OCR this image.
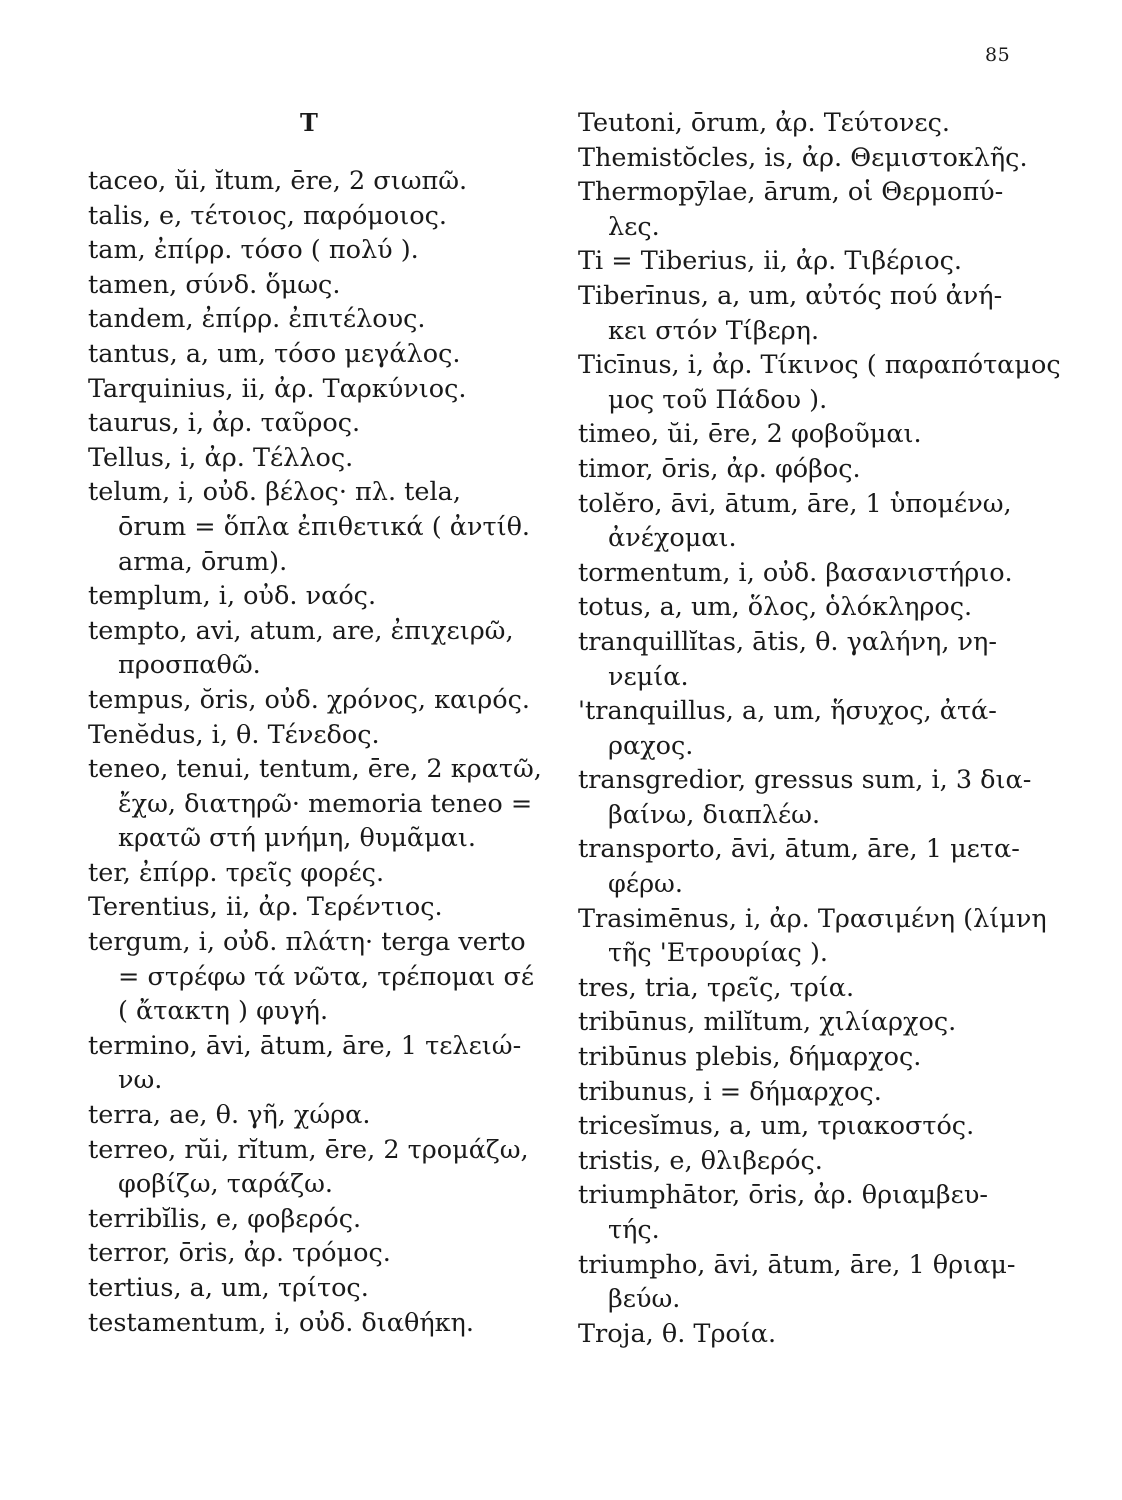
85
T
taceo, ŭi, ĭtum, ēre, 2 σιωπῶ.
talis, e, τέτοιος, παρόμοιος.
tam, ἐπίρρ. τόσο ( πολύ ).
tamen, σύνδ. ὅμως.
tandem, ἐπίρρ. ἐπιτέλους.
tantus, a, um, τόσο μεγάλος.
Tarquinius, ii, ἀρ. Ταρκύνιος.
taurus, i, ἀρ. ταῦρος.
Tellus, i, ἀρ. Τέλλος.
telum, i, οὐδ. βέλος· πλ. tela,
ōrum = ὅπλα ἐπιθετικά ( ἀντίθ.
arma, ōrum).
templum, i, οὐδ. ναός.
tempto, avi, atum, are, ἐπιχειρῶ,
προσπαθῶ.
tempus, ŏris, οὐδ. χρόνος, καιρός.
Tenĕdus, i, θ. Τένεδος.
teneo, tenui, tentum, ēre, 2 κρατῶ,
ἔχω, διατηρῶ· memoria teneo =
κρατῶ στή μνήμη, θυμᾶμαι.
ter, ἐπίρρ. τρεῖς φορές.
Terentius, ii, ἀρ. Τερέντιος.
tergum, i, οὐδ. πλάτη· terga verto
= στρέφω τά νῶτα, τρέπομαι σέ
( ἄτακτη ) φυγή.
termino, āvi, ātum, āre, 1 τελειώ-
νω.
terra, ae, θ. γῆ, χώρα.
terreo, rŭi, rĭtum, ēre, 2 τρομάζω,
φοβίζω, ταράζω.
terribĭlis, e, φοβερός.
terror, ōris, ἀρ. τρόμος.
tertius, a, um, τρίτος.
testamentum, i, οὐδ. διαθήκη.
Teutoni, ōrum, ἀρ. Τεύτονες.
Themistŏcles, is, ἀρ. Θεμιστοκλῆς.
Thermopȳlae, ārum, οἱ Θερμοπύ-
λες.
Ti = Tiberius, ii, ἀρ. Τιβέριος.
Tiberīnus, a, um, αὐτός πού ἀνή-
κει στόν Τίβερη.
Ticīnus, i, ἀρ. Τίκινος ( παραπόταμος
μος τοῦ Πάδου ).
timeo, ŭi, ēre, 2 φοβοῦμαι.
timor, ōris, ἀρ. φόβος.
tolĕro, āvi, ātum, āre, 1 ὑπομένω,
ἀνέχομαι.
tormentum, i, οὐδ. βασανιστήριο.
totus, a, um, ὅλος, ὁλόκληρος.
tranquillĭtas, ātis, θ. γαλήνη, νη-
νεμία.
'tranquillus, a, um, ἥσυχος, ἀτά-
ραχος.
transgredior, gressus sum, i, 3 δια-
βαίνω, διαπλέω.
transporto, āvi, ātum, āre, 1 μετα-
φέρω.
Trasimēnus, i, ἀρ. Τρασιμένη (λίμνη
τῆς 'Ετρουρίας ).
tres, tria, τρεῖς, τρία.
tribūnus, milĭtum, χιλίαρχος.
tribūnus plebis, δήμαρχος.
tribunus, i = δήμαρχος.
tricesĭmus, a, um, τριακοστός.
tristis, e, θλιβερός.
triumphātor, ōris, ἀρ. θριαμβευ-
τής.
triumpho, āvi, ātum, āre, 1 θριαμ-
βεύω.
Troja, θ. Τροία.
